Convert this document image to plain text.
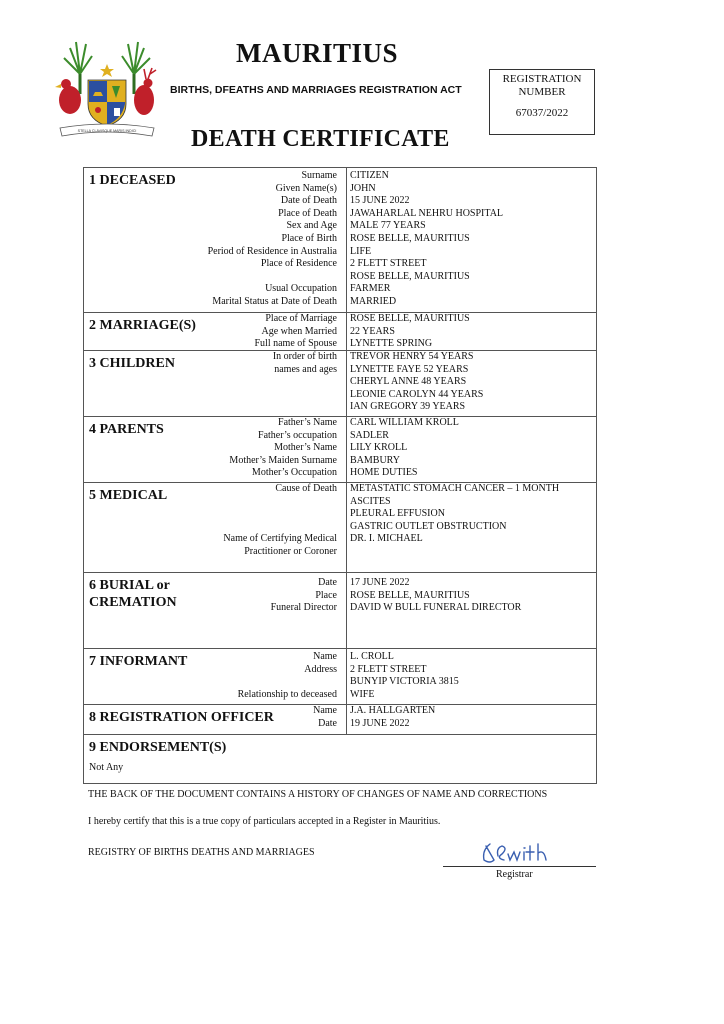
STELLA CLAVISQUE MARIS INDICI
MAURITIUS
BIRTHS, DFEATHS AND MARRIAGES REGISTRATION ACT
REGISTRATION
NUMBER
67037/2022
DEATH CERTIFICATE
1 DECEASED	Surname	CITIZEN
Given Name(s)	JOHN
Date of Death	15 JUNE 2022
Place of Death	JAWAHARLAL NEHRU HOSPITAL
Sex and Age	MALE 77 YEARS
Place of Birth	ROSE BELLE, MAURITIUS
Period of Residence in Australia	LIFE
Place of Residence	2 FLETT STREET
ROSE BELLE, MAURITIUS
Usual Occupation	FARMER
Marital Status at Date of Death	MARRIED
2 MARRIAGE(S)	Place of Marriage	ROSE BELLE, MAURITIUS
Age when Married	22 YEARS
Full name of Spouse	LYNETTE SPRING
3 CHILDREN	In order of birth	TREVOR HENRY 54 YEARS
names and ages	LYNETTE FAYE 52 YEARS
CHERYL ANNE 48 YEARS
LEONIE CAROLYN 44 YEARS
IAN GREGORY 39 YEARS
4 PARENTS	Father’s Name	CARL WILLIAM KROLL
Father’s occupation	SADLER
Mother’s Name	LILY KROLL
Mother’s Maiden Surname	BAMBURY
Mother’s Occupation	HOME DUTIES
5 MEDICAL	Cause of Death	METASTATIC STOMACH CANCER – 1 MONTH
ASCITES
PLEURAL EFFUSION
GASTRIC OUTLET OBSTRUCTION
Name of Certifying Medical	DR. I. MICHAEL
Practitioner or Coroner
6 BURIAL or
CREMATION
Date	17 JUNE 2022
Place	ROSE BELLE, MAURITIUS
Funeral Director	DAVID W BULL FUNERAL DIRECTOR
7 INFORMANT	Name	L. CROLL
Address	2 FLETT STREET
BUNYIP VICTORIA 3815
Relationship to deceased	WIFE
8 REGISTRATION OFFICER	Name	J.A. HALLGARTEN
Date	19 JUNE 2022
9 ENDORSEMENT(S)
Not Any
THE BACK OF THE DOCUMENT CONTAINS A HISTORY OF CHANGES OF NAME AND CORRECTIONS
I hereby certify that this is a true copy of particulars accepted in a Register in Mauritius.
REGISTRY OF BIRTHS DEATHS AND MARRIAGES
Registrar
